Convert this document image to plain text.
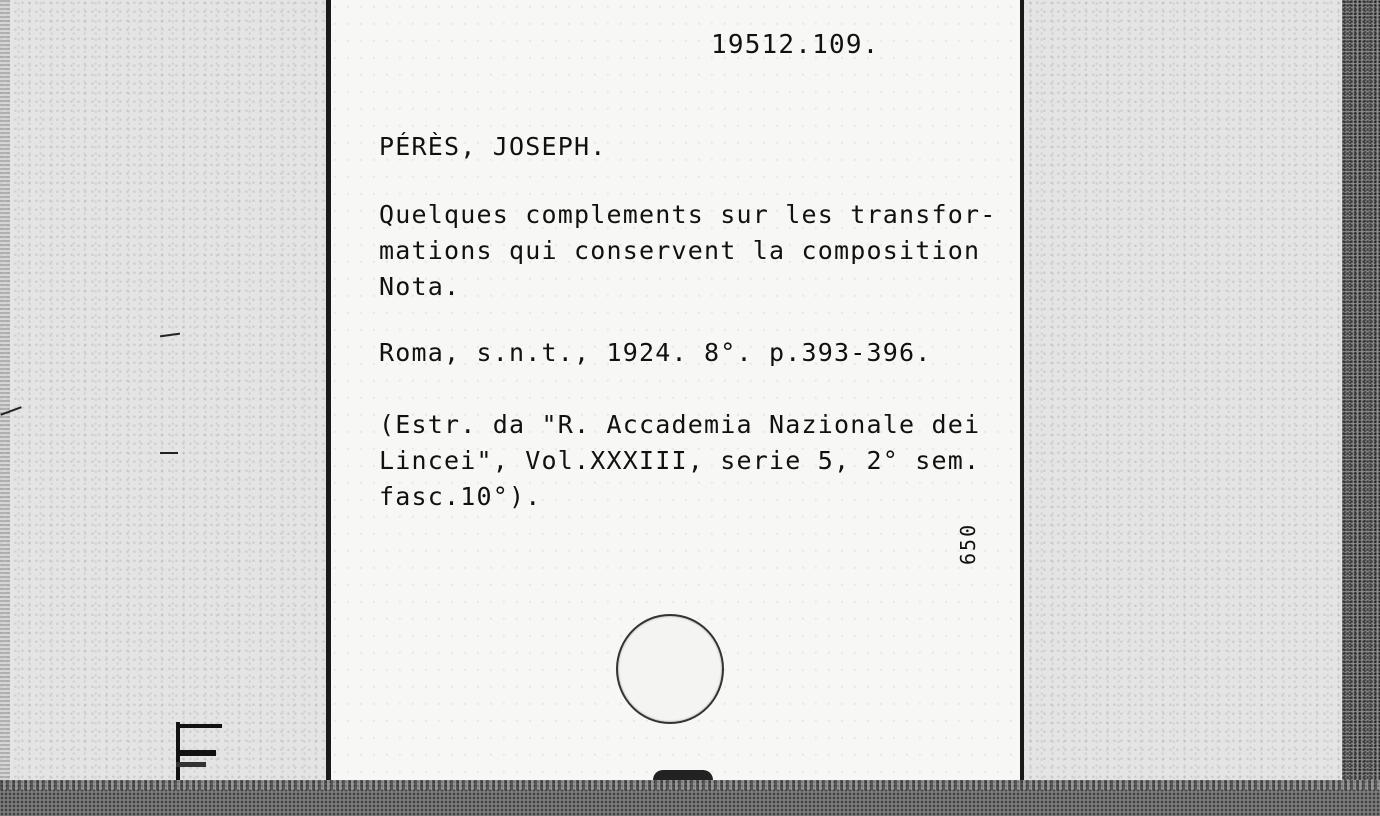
19512.109.
PÉRÈS, JOSEPH.
Quelques complements sur les transfor-
mations qui conservent la composition
Nota.
Roma, s.n.t., 1924. 8°. p.393-396.
(Estr. da "R. Accademia Nazionale dei
Lincei", Vol.XXXIII, serie 5, 2° sem.
fasc.10°).
650
